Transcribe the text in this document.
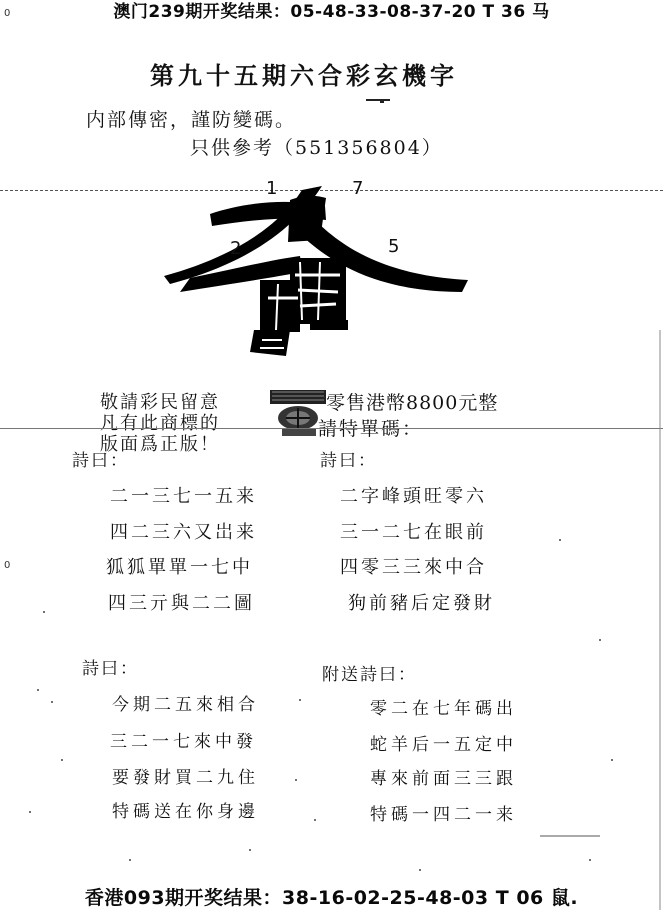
澳门239期开奖结果：05-48-33-08-37-20 T 36 马
0
0
第九十五期六合彩玄機字
内部傳密，謹防變碼。
只供參考（551356804）
1	7
2	5
敬請彩民留意
凡有此商標的
版面爲正版！
零售港幣8800元整
請特單碼：
詩曰：
二一三七一五来
四二三六又岀来
狐狐單單一七中
四三亓與二二圖
詩曰：
二字峰頭旺零六
三一二七在眼前
四零三三來中合
狗前豬后定發財
詩曰：
今期二五來相合
三二一七來中發
要發財買二九住
特碼送在你身邊
附送詩曰：
零二在七年碼出
蛇羊后一五定中
專來前面三三跟
特碼一四二一来
香港093期开奖结果：38-16-02-25-48-03 T 06 鼠.
